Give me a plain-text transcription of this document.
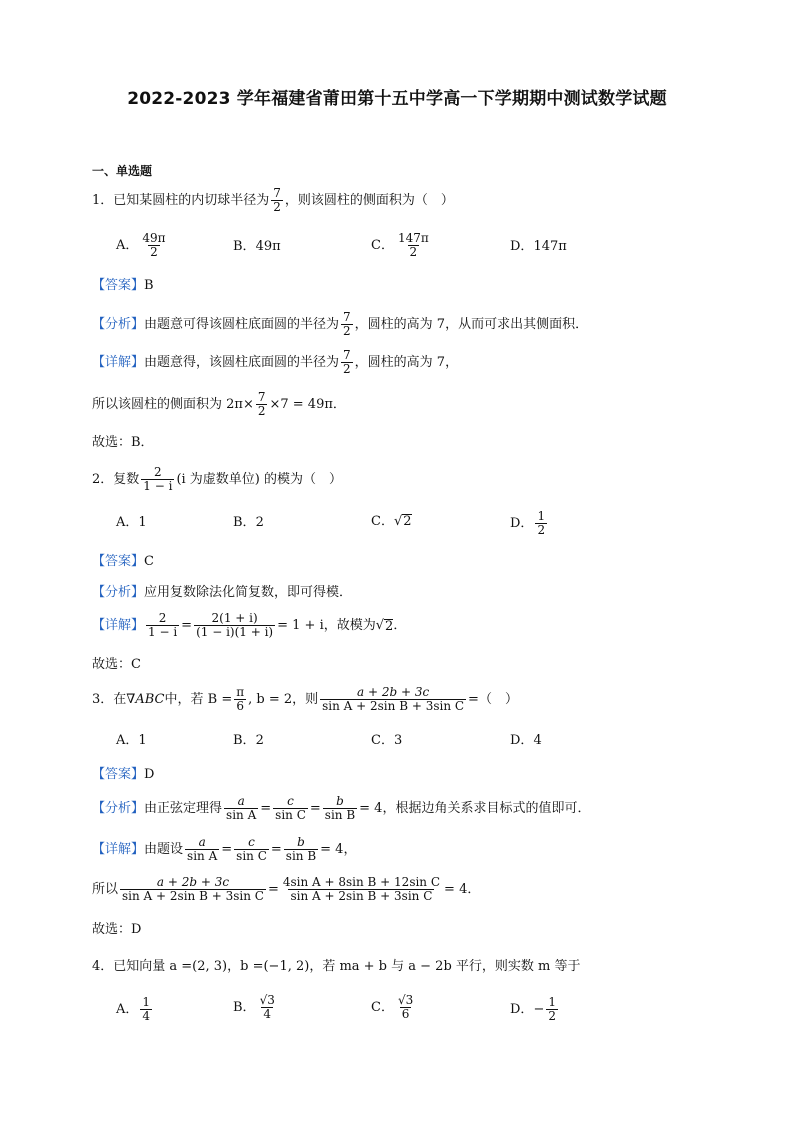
2022-2023 学年福建省莆田第十五中学高一下学期期中测试数学试题
一、单选题
1．已知某圆柱的内切球半径为 $\frac{7}{2}$ ，则该圆柱的侧面积为（　）
A． $\frac{49\pi}{2}$	B． 49π	C． $\frac{147\pi}{2}$	D． 147π
【答案】 B
【分析】 由题意可得该圆柱底面圆的半径为 $\frac{7}{2}$ ，圆柱的高为 7，从而可求出其侧面积．
【详解】 由题意得，该圆柱底面圆的半径为 $\frac{7}{2}$ ，圆柱的高为 7，
所以该圆柱的侧面积为 $2\pi\times \frac{7}{2} \times 7 = 49\pi$．
故选：B．
2．复数 $\frac{2}{1 - i} (i$ 为虚数单位) 的模为（　）
A． 1	B． 2	C． √ 2	D． $\frac{1}{2}$
【答案】 C
【分析】 应用复数除法化简复数，即可得模．
【详解】 $\frac{2}{1 - i} = \frac{2(1 + i)}{(1 - i)(1 + i)} = 1 + i$，故模为 √ 2 ．
故选：C
3．在 ∇ABC 中，若 $B = \frac{\pi}{6}$ , b = 2，则 $\frac{a + 2b + 3c}{\text{sin A + 2sin B + 3sin C}}$ =（　）
A． 1	B． 2	C． 3	D． 4
【答案】 D
【分析】 由正弦定理得 $\frac{a}{\text{sin A}} = \frac{c}{\text{sin C}} = \frac{b}{\text{sin B}} = 4$，根据边角关系求目标式的值即可．
【详解】 由题设 $\frac{a}{\text{sin A}} = \frac{c}{\text{sin C}} = \frac{b}{\text{sin B}} = 4$，
所以 $\frac{a + 2b + 3c}{\text{sin A + 2sin B + 3sin C}} = \frac{\text{4sin A + 8sin B + 12sin C}}{\text{sin A + 2sin B + 3sin C}} = 4$．
故选：D
4．已知向量 a =(2, 3)，b =(−1, 2)，若 ma + b 与 a − 2b 平行，则实数 m 等于
A． $\frac{1}{4}$	B． $\frac{√3}{4}$	C． $\frac{√3}{6}$	D． − $\frac{1}{2}$
